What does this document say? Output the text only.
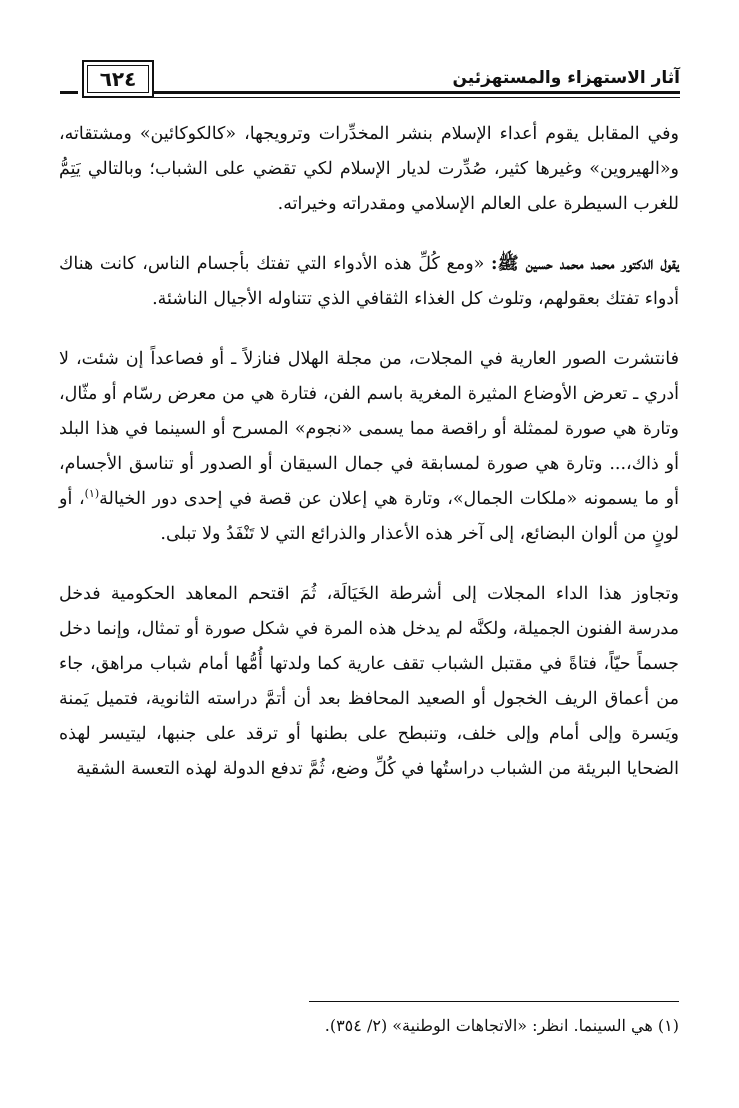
آثار الاستهزاء والمستهزئين
٦٢٤

وفي المقابل يقوم أعداء الإسلام بنشر المخدِّرات وترويجها، «كالكوكائين» ومشتقاته، و«الهيروين» وغيرها كثير، صُدِّرت لديار الإسلام لكي تقضي على الشباب؛ وبالتالي يَتِمُّ للغرب السيطرة على العالم الإسلامي ومقدراته وخيراته.

يقول الدكتور محمد محمد حسين ﷺ: «ومع كُلِّ هذه الأدواء التي تفتك بأجسام الناس، كانت هناك أدواء تفتك بعقولهم، وتلوث كل الغذاء الثقافي الذي تتناوله الأجيال الناشئة.

فانتشرت الصور العارية في المجلات، من مجلة الهلال فنازلاً ـ أو فصاعداً إن شئت، لا أدري ـ تعرض الأوضاع المثيرة المغرية باسم الفن، فتارة هي من معرض رسّام أو مثّال، وتارة هي صورة لممثلة أو راقصة مما يسمى «نجوم» المسرح أو السينما في هذا البلد أو ذاك،... وتارة هي صورة لمسابقة في جمال السيقان أو الصدور أو تناسق الأجسام، أو ما يسمونه «ملكات الجمال»، وتارة هي إعلان عن قصة في إحدى دور الخيالة$^{(١)}$، أو لونٍ من ألوان البضائع، إلى آخر هذه الأعذار والذرائع التي لا تَنْفَدُ ولا تبلى.

وتجاوز هذا الداء المجلات إلى أشرطة الخَيَالَة، ثُمَ اقتحم المعاهد الحكومية فدخل مدرسة الفنون الجميلة، ولكنَّه لم يدخل هذه المرة في شكل صورة أو تمثال، وإنما دخل جسماً حيّاً، فتاةً في مقتبل الشباب تقف عارية كما ولدتها أُمُّها أمام شباب مراهق، جاء من أعماق الريف الخجول أو الصعيد المحافظ بعد أن أتمَّ دراسته الثانوية، فتميل يَمنة ويَسرة وإلى أمام وإلى خلف، وتنبطح على بطنها أو ترقد على جنبها، ليتيسر لهذه الضحايا البريئة من الشباب دراستُها في كُلِّ وضع، ثُمَّ تدفع الدولة لهذه التعسة الشقية

(١) هي السينما. انظر: «الاتجاهات الوطنية» (٢/ ٣٥٤).
